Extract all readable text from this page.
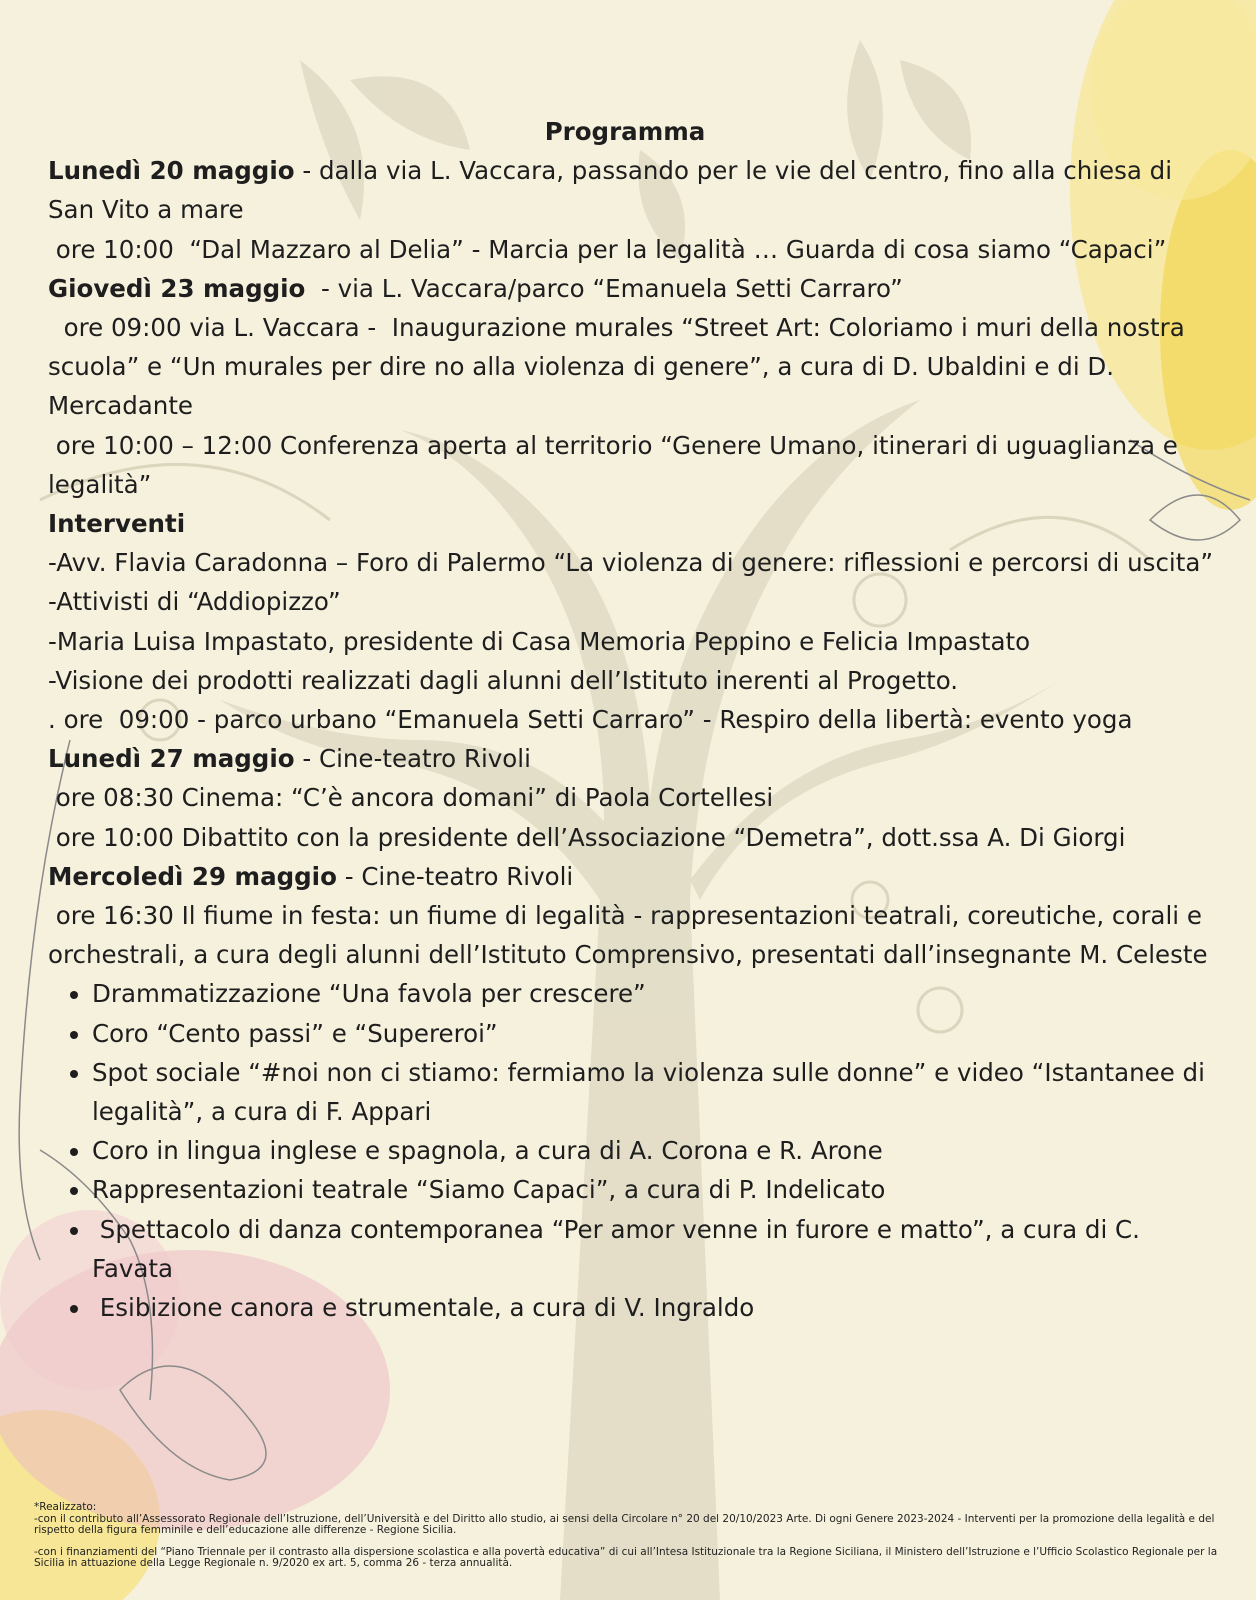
Programma
Lunedì 20 maggio - dalla via L. Vaccara, passando per le vie del centro, fino alla chiesa di San Vito a mare
ore 10:00  “Dal Mazzaro al Delia” - Marcia per la legalità … Guarda di cosa siamo “Capaci”
Giovedì 23 maggio  - via L. Vaccara/parco “Emanuela Setti Carraro”
ore 09:00 via L. Vaccara -  Inaugurazione murales “Street Art: Coloriamo i muri della nostra scuola” e “Un murales per dire no alla violenza di genere”, a cura di D. Ubaldini e di D. Mercadante
ore 10:00 – 12:00 Conferenza aperta al territorio “Genere Umano, itinerari di uguaglianza e legalità”
Interventi
-Avv. Flavia Caradonna – Foro di Palermo “La violenza di genere: riflessioni e percorsi di uscita”
-Attivisti di “Addiopizzo”
-Maria Luisa Impastato, presidente di Casa Memoria Peppino e Felicia Impastato
-Visione dei prodotti realizzati dagli alunni dell’Istituto inerenti al Progetto.
. ore  09:00 - parco urbano “Emanuela Setti Carraro” - Respiro della libertà: evento yoga
Lunedì 27 maggio - Cine-teatro Rivoli
ore 08:30 Cinema: “C’è ancora domani” di Paola Cortellesi
ore 10:00 Dibattito con la presidente dell’Associazione “Demetra”, dott.ssa A. Di Giorgi
Mercoledì 29 maggio - Cine-teatro Rivoli
ore 16:30 Il fiume in festa: un fiume di legalità - rappresentazioni teatrali, coreutiche, corali e orchestrali, a cura degli alunni dell’Istituto Comprensivo, presentati dall’insegnante M. Celeste
• Drammatizzazione “Una favola per crescere”
• Coro “Cento passi” e “Supereroi”
• Spot sociale “#noi non ci stiamo: fermiamo la violenza sulle donne” e video “Istantanee di legalità”, a cura di F. Appari
• Coro in lingua inglese e spagnola, a cura di A. Corona e R. Arone
• Rappresentazioni teatrale “Siamo Capaci”, a cura di P. Indelicato
•  Spettacolo di danza contemporanea “Per amor venne in furore e matto”, a cura di C. Favata
•  Esibizione canora e strumentale, a cura di V. Ingraldo
*Realizzato:
-con il contributo all’Assessorato Regionale dell’Istruzione, dell’Università e del Diritto allo studio, ai sensi della Circolare n° 20 del 20/10/2023 Arte. Di ogni Genere 2023-2024 - Interventi per la promozione della legalità e del rispetto della figura femminile e dell’educazione alle differenze - Regione Sicilia.
-con i finanziamenti del “Piano Triennale per il contrasto alla dispersione scolastica e alla povertà educativa” di cui all’Intesa Istituzionale tra la Regione Siciliana, il Ministero dell’Istruzione e l’Ufficio Scolastico Regionale per la Sicilia in attuazione della Legge Regionale n. 9/2020 ex art. 5, comma 26 - terza annualità.
